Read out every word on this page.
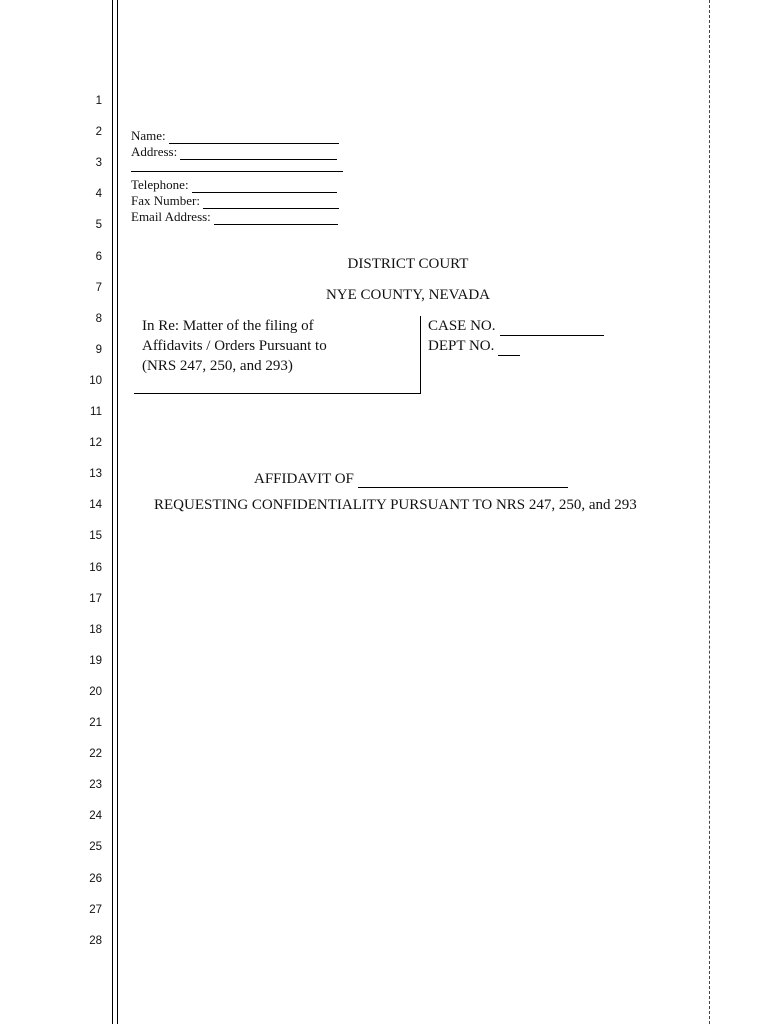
1
2
3
4
5
6
7
8
9
10
11
12
13
14
15
16
17
18
19
20
21
22
23
24
25
26
27
28
Name:
Address:
Telephone:
Fax Number:
Email Address:
DISTRICT COURT
NYE COUNTY, NEVADA
In Re: Matter of the filing of
Affidavits / Orders Pursuant to
(NRS 247, 250, and 293)
CASE NO.
DEPT NO.
AFFIDAVIT OF
REQUESTING CONFIDENTIALITY PURSUANT TO NRS 247, 250, and 293
